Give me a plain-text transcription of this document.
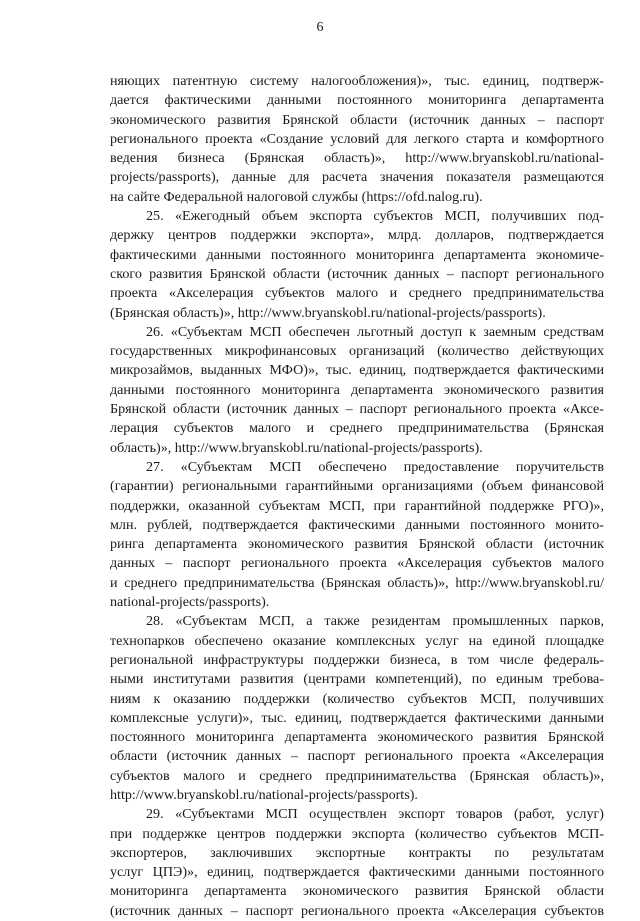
6
няющих патентную систему налогообложения)», тыс. единиц, подтверж-
дается фактическими данными постоянного мониторинга департамента
экономического развития Брянской области (источник данных – паспорт
регионального проекта «Создание условий для легкого старта и комфортного
ведения бизнеса (Брянская область)», http://www.bryanskobl.ru/national-
projects/passports), данные для расчета значения показателя размещаются
на сайте Федеральной налоговой службы (https://ofd.nalog.ru).
25. «Ежегодный объем экспорта субъектов МСП, получивших под-
держку центров поддержки экспорта», млрд. долларов, подтверждается
фактическими данными постоянного мониторинга департамента экономиче-
ского развития Брянской области (источник данных – паспорт регионального
проекта «Акселерация субъектов малого и среднего предпринимательства
(Брянская область)», http://www.bryanskobl.ru/national-projects/passports).
26. «Субъектам МСП обеспечен льготный доступ к заемным средствам
государственных микрофинансовых организаций (количество действующих
микрозаймов, выданных МФО)», тыс. единиц, подтверждается фактическими
данными постоянного мониторинга департамента экономического развития
Брянской области (источник данных – паспорт регионального проекта «Аксе-
лерация субъектов малого и среднего предпринимательства (Брянская
область)», http://www.bryanskobl.ru/national-projects/passports).
27. «Субъектам МСП обеспечено предоставление поручительств
(гарантии) региональными гарантийными организациями (объем финансовой
поддержки, оказанной субъектам МСП, при гарантийной поддержке РГО)»,
млн. рублей, подтверждается фактическими данными постоянного монито-
ринга департамента экономического развития Брянской области (источник
данных – паспорт регионального проекта «Акселерация субъектов малого
и среднего предпринимательства (Брянская область)», http://www.bryanskobl.ru/
national-projects/passports).
28. «Субъектам МСП, а также резидентам промышленных парков,
технопарков обеспечено оказание комплексных услуг на единой площадке
региональной инфраструктуры поддержки бизнеса, в том числе федераль-
ными институтами развития (центрами компетенций), по единым требова-
ниям к оказанию поддержки (количество субъектов МСП, получивших
комплексные услуги)», тыс. единиц, подтверждается фактическими данными
постоянного мониторинга департамента экономического развития Брянской
области (источник данных – паспорт регионального проекта «Акселерация
субъектов малого и среднего предпринимательства (Брянская область)»,
http://www.bryanskobl.ru/national-projects/passports).
29. «Субъектами МСП осуществлен экспорт товаров (работ, услуг)
при поддержке центров поддержки экспорта (количество субъектов МСП-
экспортеров, заключивших экспортные контракты по результатам
услуг ЦПЭ)», единиц, подтверждается фактическими данными постоянного
мониторинга департамента экономического развития Брянской области
(источник данных – паспорт регионального проекта «Акселерация субъектов
